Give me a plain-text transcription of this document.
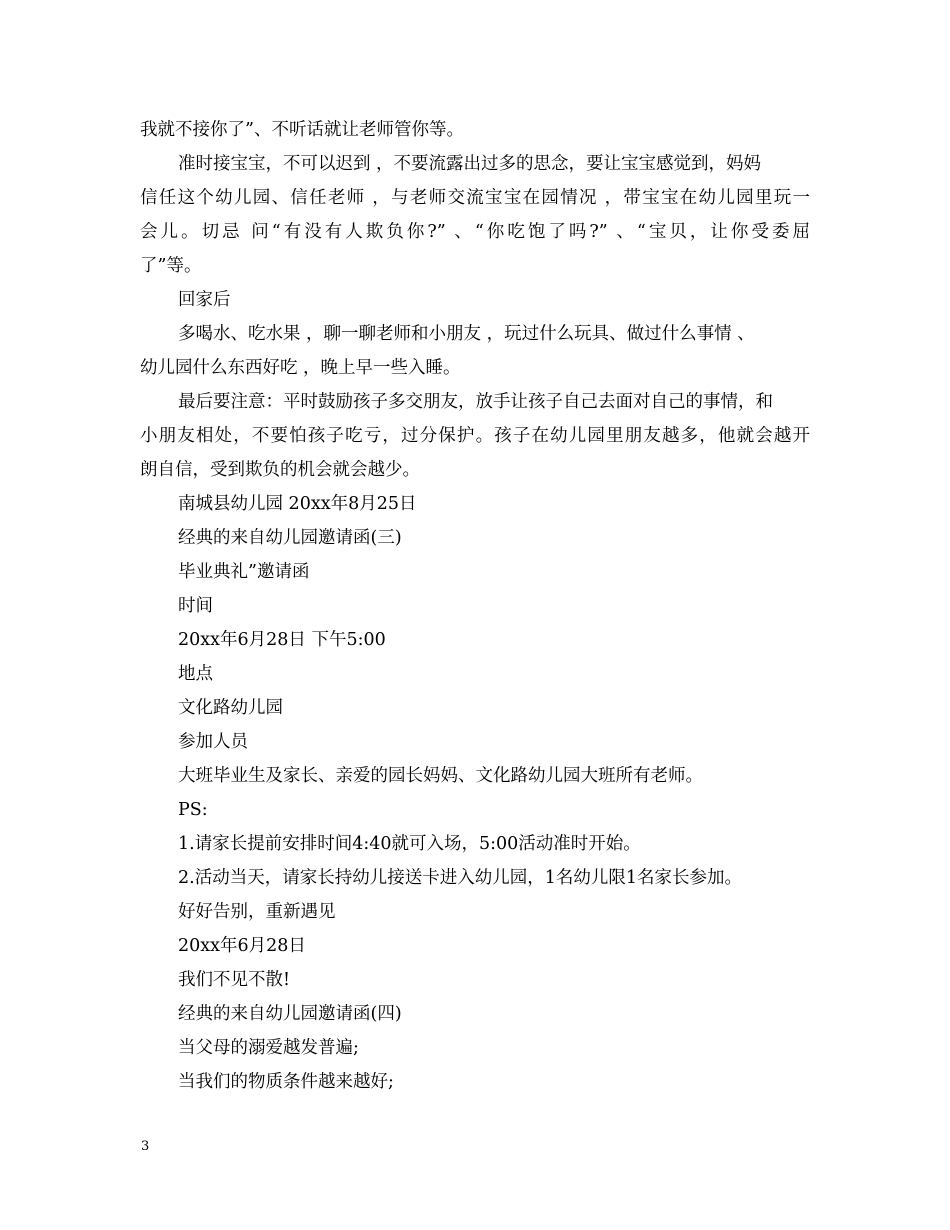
我就不接你了”、不听话就让老师管你等。
准时接宝宝，不可以迟到 ，不要流露出过多的思念，要让宝宝感觉到，妈妈
信任这个幼儿园、信任老师 ，与老师交流宝宝在园情况 ，带宝宝在幼儿园里玩一
会儿。切忌 问“有没有人欺负你?” 、“你吃饱了吗?” 、“宝贝，让你受委屈
了”等。
回家后
多喝水、吃水果 ，聊一聊老师和小朋友 ，玩过什么玩具、做过什么事情 、
幼儿园什么东西好吃 ，晚上早一些入睡。
最后要注意：平时鼓励孩子多交朋友，放手让孩子自己去面对自己的事情，和
小朋友相处，不要怕孩子吃亏，过分保护。孩子在幼儿园里朋友越多，他就会越开
朗自信，受到欺负的机会就会越少。
南城县幼儿园 20xx年8月25日
经典的来自幼儿园邀请函(三)
毕业典礼”邀请函
时间
20xx年6月28日 下午5:00
地点
文化路幼儿园
参加人员
大班毕业生及家长、亲爱的园长妈妈、文化路幼儿园大班所有老师。
PS:
1.请家长提前安排时间4:40就可入场，5:00活动准时开始。
2.活动当天，请家长持幼儿接送卡进入幼儿园，1名幼儿限1名家长参加。
好好告别，重新遇见
20xx年6月28日
我们不见不散!
经典的来自幼儿园邀请函(四)
当父母的溺爱越发普遍;
当我们的物质条件越来越好;
3
